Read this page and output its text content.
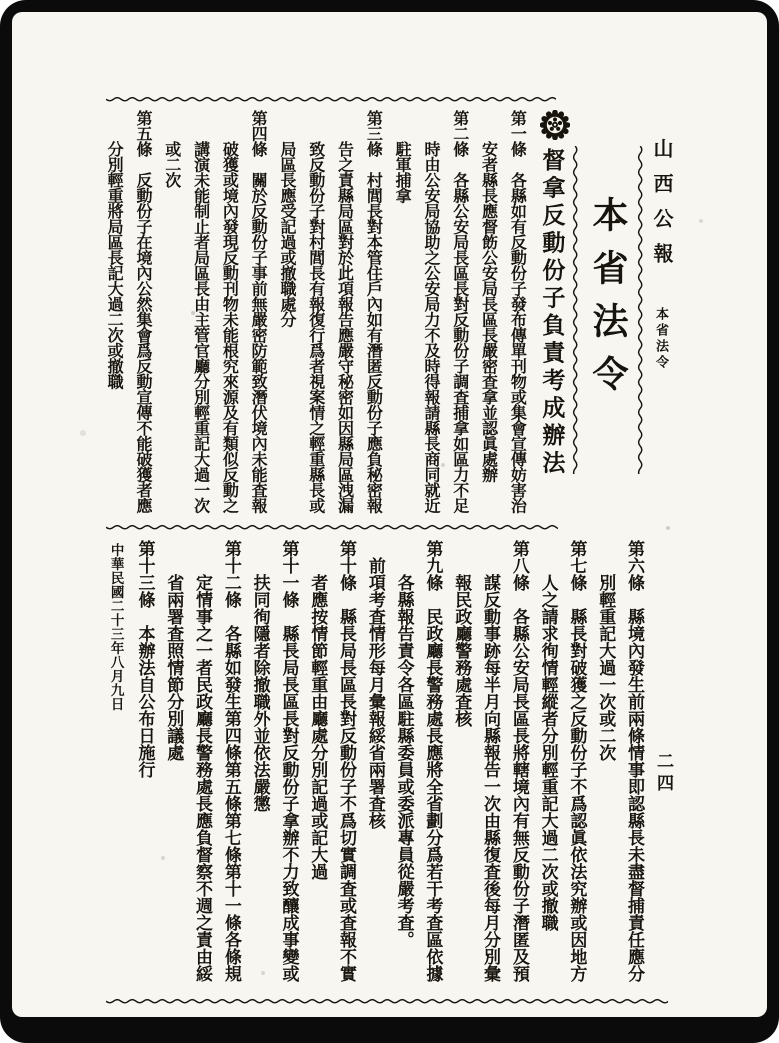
山西公報 本省法令
二四
本省法令
督拿反動份子負責考成辦法

第一條　各縣如有反動份子發布傳單刊物或集會宣傳妨害治安者縣長應督飭公安局長區長嚴密査拿並認眞處辦

第二條　各縣公安局長區長對反動份子調査捕拿如區力不足時由公安局協助之公安局力不及時得報請縣長商同就近駐軍捕拿

第三條　村閭長對本管住戶內如有潛匿反動份子應負秘密報告之責縣局區對於此項報告應嚴守秘密如因縣局區洩漏致反動份子對村閭長有報復行爲者視案情之輕重縣長或局區長應受記過或撤職處分

第四條　關於反動份子事前無嚴密防範致潛伏境內未能査報破獲或境內發現反動刊物未能根究來源及有類似反動之講演未能制止者局區長由主管官廳分別輕重記大過一次或二次

第五條　反動份子在境內公然集會爲反動宣傳不能破獲者應分別輕重將局區長記大過二次或撤職

第六條　縣境內發生前兩條情事即認縣長未盡督捕責任應分別輕重記大過一次或二次

第七條　縣長對破獲之反動份子不爲認眞依法究辦或因地方人之請求徇情輕縱者分別輕重記大過二次或撤職

第八條　各縣公安局長區長將轄境內有無反動份子潛匿及預謀反動事跡每半月向縣報告一次由縣復査後每月分別彙報民政廳警務處査核

第九條　民政廳長警務處長應將全省劃分爲若干考査區依據各縣報告責令各區駐縣委員或委派專員從嚴考査。

前項考査情形每月彙報綏省兩署査核

第十條　縣長局長區長對反動份子不爲切實調査或査報不實者應按情節輕重由廳處分別記過或記大過

第十一條　縣長局長區長對反動份子拿辦不力致釀成事變或扶同徇隱者除撤職外並依法嚴懲

第十二條　各縣如發生第四條第五條第七條第十一條各條規定情事之一者民政廳長警務處長應負督察不週之責由綏省兩署査照情節分別議處

第十三條　本辦法自公布日施行

中華民國二十三年八月九日
